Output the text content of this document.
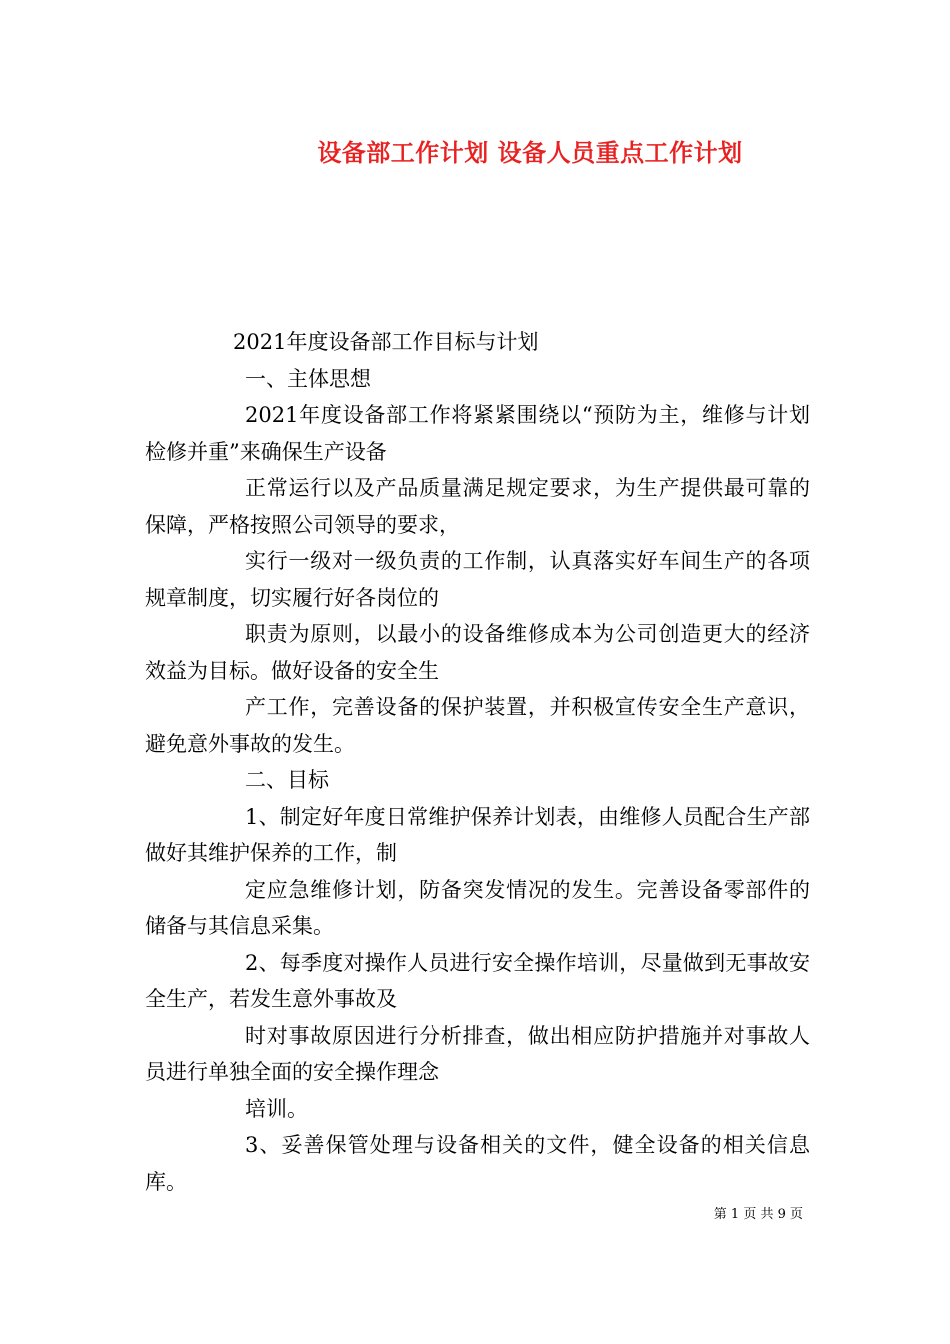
设备部工作计划 设备人员重点工作计划

2021年度设备部工作目标与计划

一、主体思想

2021年度设备部工作将紧紧围绕以“预防为主，维修与计划检修并重”来确保生产设备

正常运行以及产品质量满足规定要求，为生产提供最可靠的保障，严格按照公司领导的要求，

实行一级对一级负责的工作制，认真落实好车间生产的各项规章制度，切实履行好各岗位的

职责为原则，以最小的设备维修成本为公司创造更大的经济效益为目标。做好设备的安全生

产工作，完善设备的保护装置，并积极宣传安全生产意识，避免意外事故的发生。

二、目标

1、制定好年度日常维护保养计划表，由维修人员配合生产部做好其维护保养的工作，制

定应急维修计划，防备突发情况的发生。完善设备零部件的储备与其信息采集。

2、每季度对操作人员进行安全操作培训，尽量做到无事故安全生产，若发生意外事故及

时对事故原因进行分析排查，做出相应防护措施并对事故人员进行单独全面的安全操作理念

培训。

3、妥善保管处理与设备相关的文件，健全设备的相关信息库。

第 1 页 共 9 页
